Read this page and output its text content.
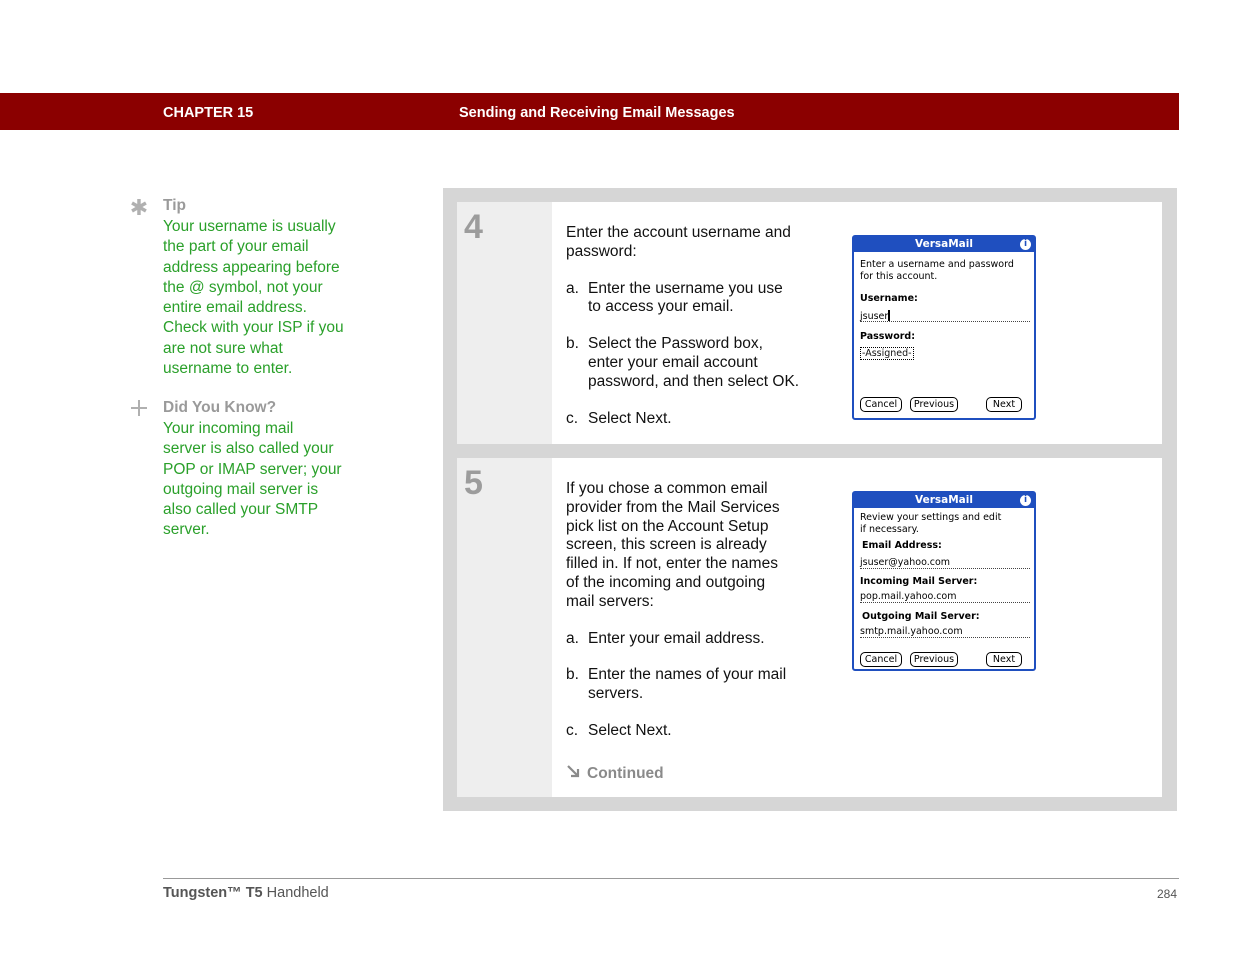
CHAPTER 15	Sending and Receiving Email Messages
✱ Tip
Your username is usually
the part of your email
address appearing before
the @ symbol, not your
entire email address.
Check with your ISP if you
are not sure what
username to enter.
Did You Know?
Your incoming mail
server is also called your
POP or IMAP server; your
outgoing mail server is
also called your SMTP
server.
4	Enter the account username and

password:

a. Enter the username you use
to access your email.
b. Select the Password box,
enter your email account
password, and then select OK.
c. Select Next.
VersaMail	i
Enter a username and password
for this account.
Username:
jsuser
Password:
-Assigned-
Cancel	Previous	Next
5	If you chose a common email

provider from the Mail Services

pick list on the Account Setup

screen, this screen is already

filled in. If not, enter the names

of the incoming and outgoing

mail servers:

a. Enter your email address.
b. Enter the names of your mail
servers.
c. Select Next.
Continued
VersaMail	i
Review your settings and edit
if necessary.
Email Address:
jsuser@yahoo.com
Incoming Mail Server:
pop.mail.yahoo.com
Outgoing Mail Server:
smtp.mail.yahoo.com
Cancel	Previous	Next
Tungsten™ T5 Handheld	284
